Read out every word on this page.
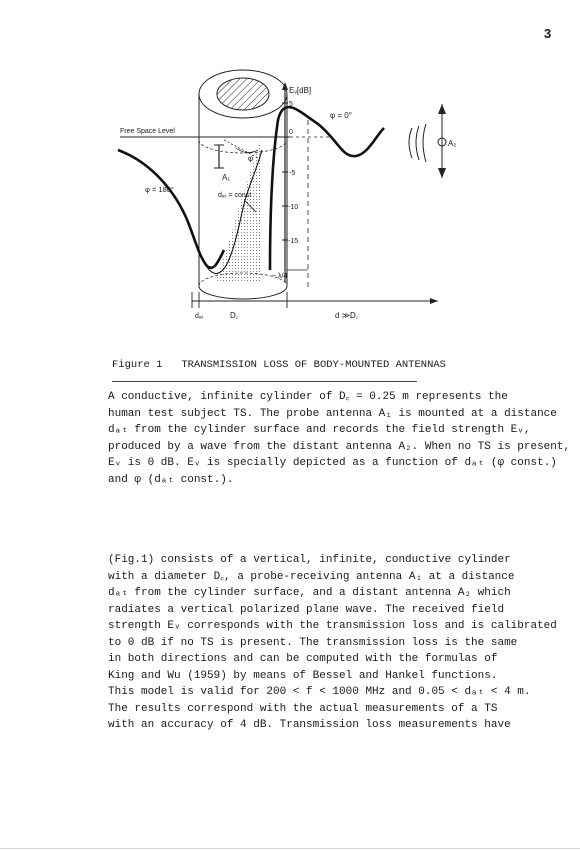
3
Eᵥ[dB]
5
0
-5
-10
-15
Free Space Level
φ = 0°
φ = 180°
φ
A₁
A₂
dₐₜ = const
~ λ/4
dₐₜ	D꜀	d ≫D꜀
Figure 1 TRANSMISSION LOSS OF BODY-MOUNTED ANTENNAS
A conductive, infinite cylinder of D꜀ = 0.25 m represents the
human test subject TS. The probe antenna A₁ is mounted at a distance
dₐₜ from the cylinder surface and records the field strength Eᵥ,
produced by a wave from the distant antenna A₂. When no TS is present,
Eᵥ is 0 dB. Eᵥ is specially depicted as a function of dₐₜ (φ const.)
and φ (dₐₜ const.).
(Fig.1) consists of a vertical, infinite, conductive cylinder
with a diameter D꜀, a probe-receiving antenna A₁ at a distance
dₐₜ from the cylinder surface, and a distant antenna A₂ which
radiates a vertical polarized plane wave. The received field
strength Eᵥ corresponds with the transmission loss and is calibrated
to 0 dB if no TS is present. The transmission loss is the same
in both directions and can be computed with the formulas of
King and Wu (1959) by means of Bessel and Hankel functions.
This model is valid for 200 < f < 1000 MHz and 0.05 < dₐₜ < 4 m.
The results correspond with the actual measurements of a TS
with an accuracy of 4 dB. Transmission loss measurements have
